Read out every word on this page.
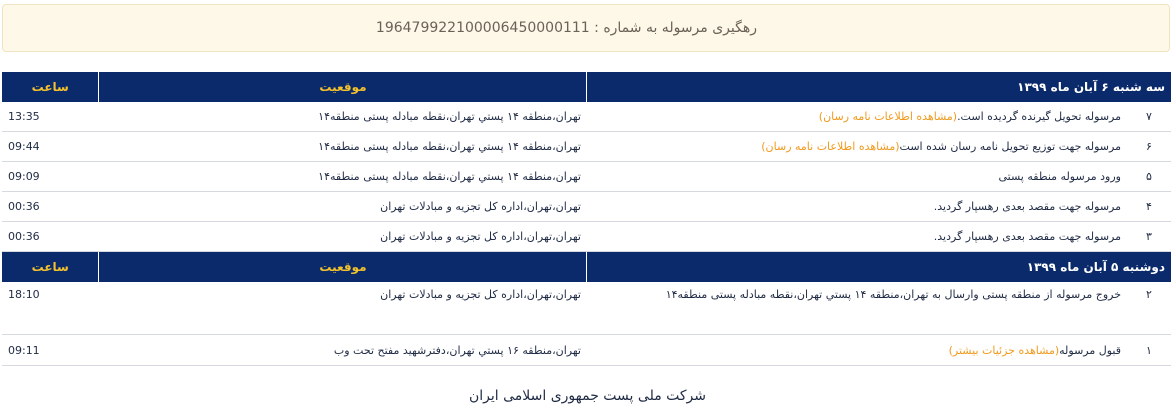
رهگیری مرسوله به شماره : 196479922100006450000111
سه شنبه ۶ آبان ماه ۱۳۹۹		موقعیت	ساعت
۷	مرسوله تحویل گیرنده گردیده است.(مشاهده اطلاعات نامه رسان)	تهران،منطقه ۱۴ پستي تهران،نقطه مبادله پستی منطقه۱۴	13:35
۶	مرسوله جهت توزیع تحویل نامه رسان شده است(مشاهده اطلاعات نامه رسان)	تهران،منطقه ۱۴ پستي تهران،نقطه مبادله پستی منطقه۱۴	09:44
۵	ورود مرسوله منطقه پستی	تهران،منطقه ۱۴ پستي تهران،نقطه مبادله پستی منطقه۱۴	09:09
۴	مرسوله جهت مقصد بعدی رهسپار گردید.	تهران،تهران،اداره کل تجزیه و مبادلات تهران	00:36
۳	مرسوله جهت مقصد بعدی رهسپار گردید.	تهران،تهران،اداره کل تجزیه و مبادلات تهران	00:36
دوشنبه ۵ آبان ماه ۱۳۹۹		موقعیت	ساعت
۲	خروج مرسوله از منطقه پستی وارسال به تهران،منطقه ۱۴ پستي تهران،نقطه مبادله پستی منطقه۱۴	تهران،تهران،اداره کل تجزیه و مبادلات تهران	18:10
۱	قبول مرسوله(مشاهده جزئیات بیشتر)	تهران،منطقه ۱۶ پستي تهران،دفترشهید مفتح تحت وب	09:11
شرکت ملی پست جمهوری اسلامی ایران
